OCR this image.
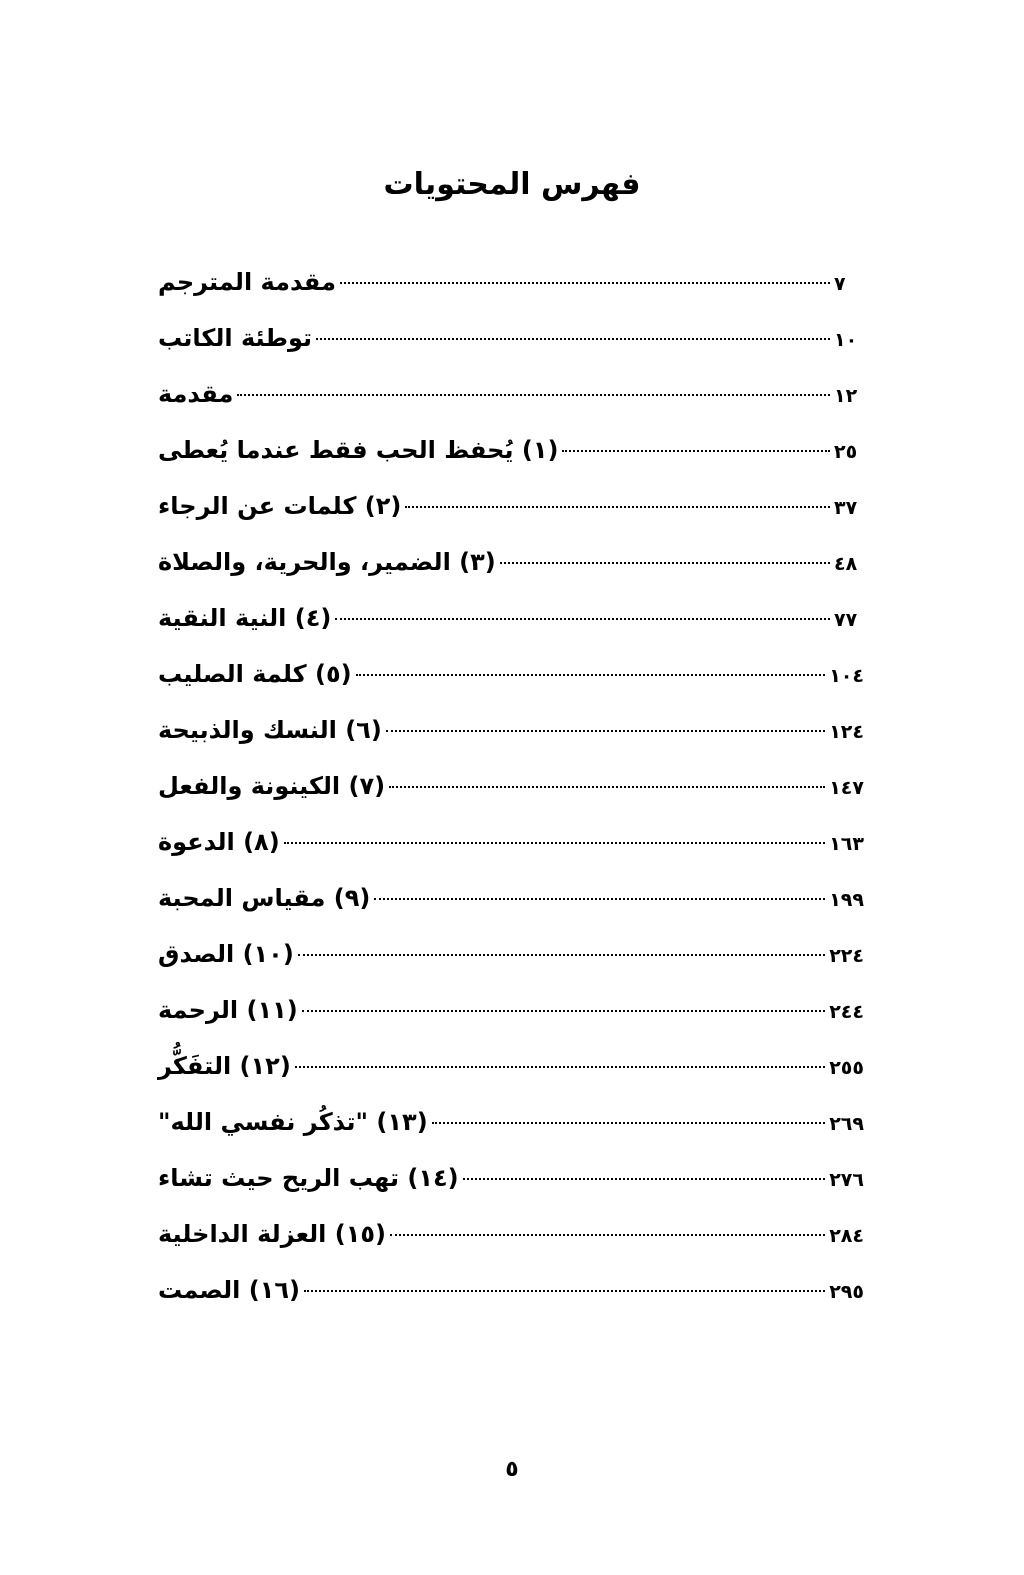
فهرس المحتويات
مقدمة المترجم	٧
توطئة الكاتب	١٠
مقدمة	١٢
(١) يُحفظ الحب فقط عندما يُعطى	٢٥
(٢) كلمات عن الرجاء	٣٧
(٣) الضمير، والحرية، والصلاة	٤٨
(٤) النية النقية	٧٧
(٥) كلمة الصليب	١٠٤
(٦) النسك والذبيحة	١٢٤
(٧) الكينونة والفعل	١٤٧
(٨) الدعوة	١٦٣
(٩) مقياس المحبة	١٩٩
(١٠) الصدق	٢٢٤
(١١) الرحمة	٢٤٤
(١٢) التفَكُّر	٢٥٥
(١٣) "تذكُر نفسي الله"	٢٦٩
(١٤) تهب الريح حيث تشاء	٢٧٦
(١٥) العزلة الداخلية	٢٨٤
(١٦) الصمت	٢٩٥
٥
